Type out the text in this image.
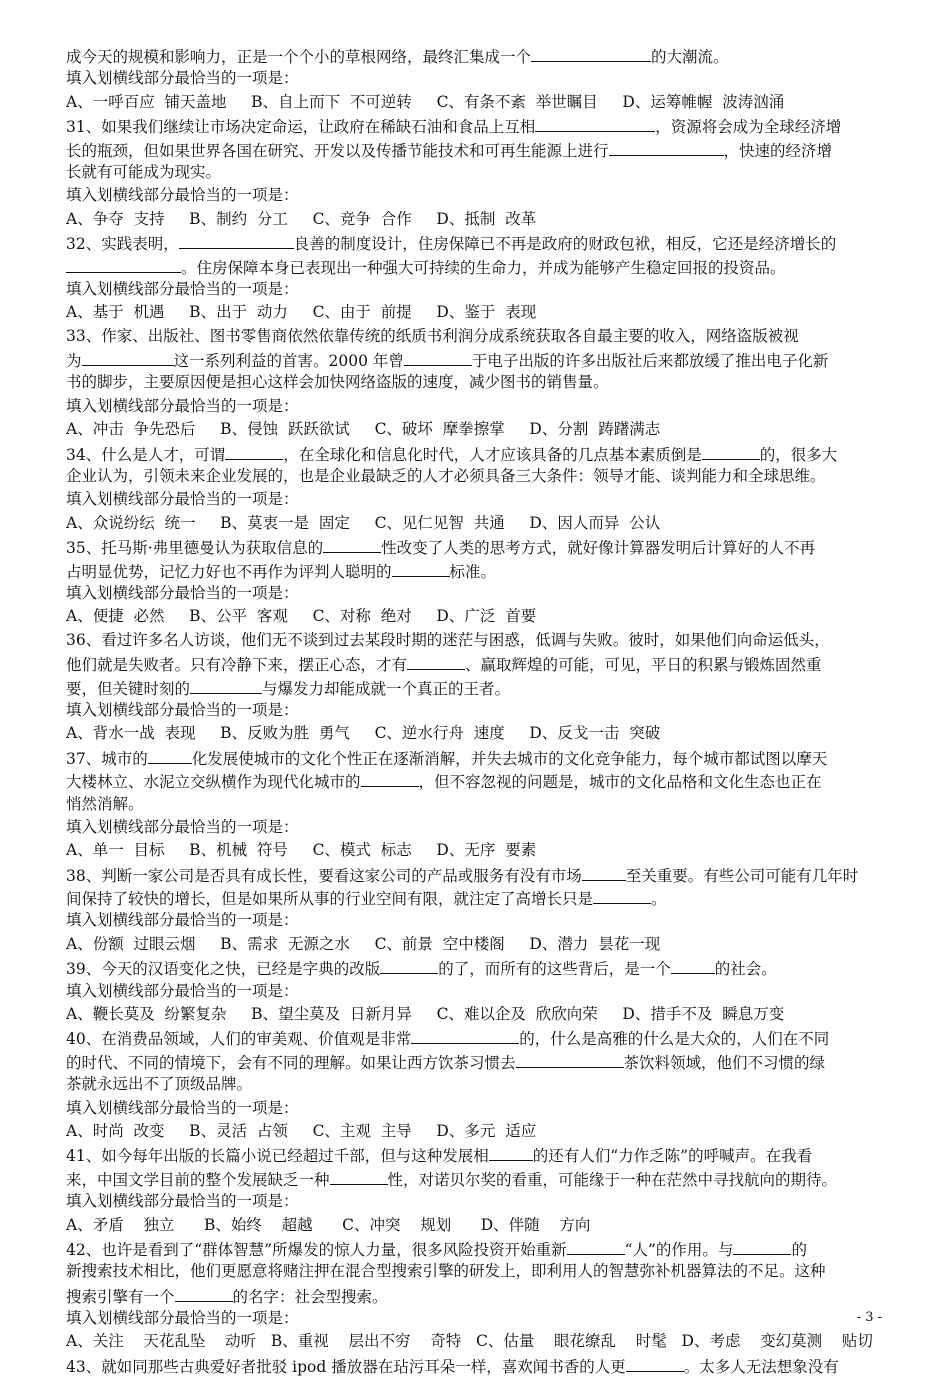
成今天的规模和影响力，正是一个个小的草根网络，最终汇集成一个	的大潮流。
填入划横线部分最恰当的一项是：
A、一呼百应  铺天盖地     B、自上而下  不可逆转     C、有条不紊  举世瞩目     D、运筹帷幄  波涛汹涌
31、如果我们继续让市场决定命运，让政府在稀缺石油和食品上互相	，资源将会成为全球经济增
长的瓶颈，但如果世界各国在研究、开发以及传播节能技术和可再生能源上进行	，快速的经济增
长就有可能成为现实。
填入划横线部分最恰当的一项是：
A、争夺  支持     B、制约  分工     C、竞争  合作     D、抵制  改革
32、实践表明，	良善的制度设计，住房保障已不再是政府的财政包袱，相反，它还是经济增长的
。住房保障本身已表现出一种强大可持续的生命力，并成为能够产生稳定回报的投资品。
填入划横线部分最恰当的一项是：
A、基于  机遇     B、出于  动力     C、由于  前提     D、鉴于  表现
33、作家、出版社、图书零售商依然依靠传统的纸质书利润分成系统获取各自最主要的收入，网络盗版被视
为	这一系列利益的首害。2000 年曾	于电子出版的许多出版社后来都放缓了推出电子化新
书的脚步，主要原因便是担心这样会加快网络盗版的速度，减少图书的销售量。
填入划横线部分最恰当的一项是：
A、冲击  争先恐后     B、侵蚀  跃跃欲试     C、破坏  摩拳擦掌     D、分割  踌躇满志
34、什么是人才，可谓	，在全球化和信息化时代，人才应该具备的几点基本素质倒是	的，很多大
企业认为，引领未来企业发展的，也是企业最缺乏的人才必须具备三大条件：领导才能、谈判能力和全球思维。
填入划横线部分最恰当的一项是：
A、众说纷纭  统一     B、莫衷一是  固定     C、见仁见智  共通     D、因人而异  公认
35、托马斯·弗里德曼认为获取信息的	性改变了人类的思考方式，就好像计算器发明后计算好的人不再
占明显优势，记忆力好也不再作为评判人聪明的	标准。
填入划横线部分最恰当的一项是：
A、便捷  必然     B、公平  客观     C、对称  绝对     D、广泛  首要
36、看过许多名人访谈，他们无不谈到过去某段时期的迷茫与困惑，低调与失败。彼时，如果他们向命运低头，
他们就是失败者。只有冷静下来，摆正心态，才有	、赢取辉煌的可能，可见，平日的积累与锻炼固然重
要，但关键时刻的	与爆发力却能成就一个真正的王者。
填入划横线部分最恰当的一项是：
A、背水一战  表现     B、反败为胜  勇气     C、逆水行舟  速度     D、反戈一击  突破
37、城市的	化发展使城市的文化个性正在逐渐消解，并失去城市的文化竞争能力，每个城市都试图以摩天
大楼林立、水泥立交纵横作为现代化城市的	，但不容忽视的问题是，城市的文化品格和文化生态也正在
悄然消解。
填入划横线部分最恰当的一项是：
A、单一  目标     B、机械  符号     C、模式  标志     D、无序  要素
38、判断一家公司是否具有成长性，要看这家公司的产品或服务有没有市场	至关重要。有些公司可能有几年时
间保持了较快的增长，但是如果所从事的行业空间有限，就注定了高增长只是	。
填入划横线部分最恰当的一项是：
A、份额  过眼云烟     B、需求  无源之水     C、前景  空中楼阁     D、潜力  昙花一现
39、今天的汉语变化之快，已经是字典的改版	的了，而所有的这些背后，是一个	的社会。
填入划横线部分最恰当的一项是：
A、鞭长莫及  纷繁复杂     B、望尘莫及  日新月异     C、难以企及  欣欣向荣     D、措手不及  瞬息万变
40、在消费品领域，人们的审美观、价值观是非常	的，什么是高雅的什么是大众的，人们在不同
的时代、不同的情境下，会有不同的理解。如果让西方饮茶习惯去	茶饮料领域，他们不习惯的绿
茶就永远出不了顶级品牌。
填入划横线部分最恰当的一项是：
A、时尚  改变     B、灵活  占领     C、主观  主导     D、多元  适应
41、如今每年出版的长篇小说已经超过千部，但与这种发展相	的还有人们“力作乏陈”的呼喊声。在我看
来，中国文学目前的整个发展缺乏一种	性，对诺贝尔奖的看重，可能缘于一种在茫然中寻找航向的期待。
填入划横线部分最恰当的一项是：
A、矛盾    独立      B、始终    超越      C、冲突    规划      D、伴随    方向
42、也许是看到了“群体智慧”所爆发的惊人力量，很多风险投资开始重新	“人”的作用。与	的
新搜索技术相比，他们更愿意将赌注押在混合型搜索引擎的研发上，即利用人的智慧弥补机器算法的不足。这种
搜索引擎有一个	的名字：社会型搜索。
填入划横线部分最恰当的一项是：
A、关注    天花乱坠    动听   B、重视    层出不穷    奇特   C、估量    眼花缭乱    时髦   D、考虑    变幻莫测    贴切
43、就如同那些古典爱好者批驳 ipod 播放器在玷污耳朵一样，喜欢闻书香的人更	。太多人无法想象没有
- 3 -
